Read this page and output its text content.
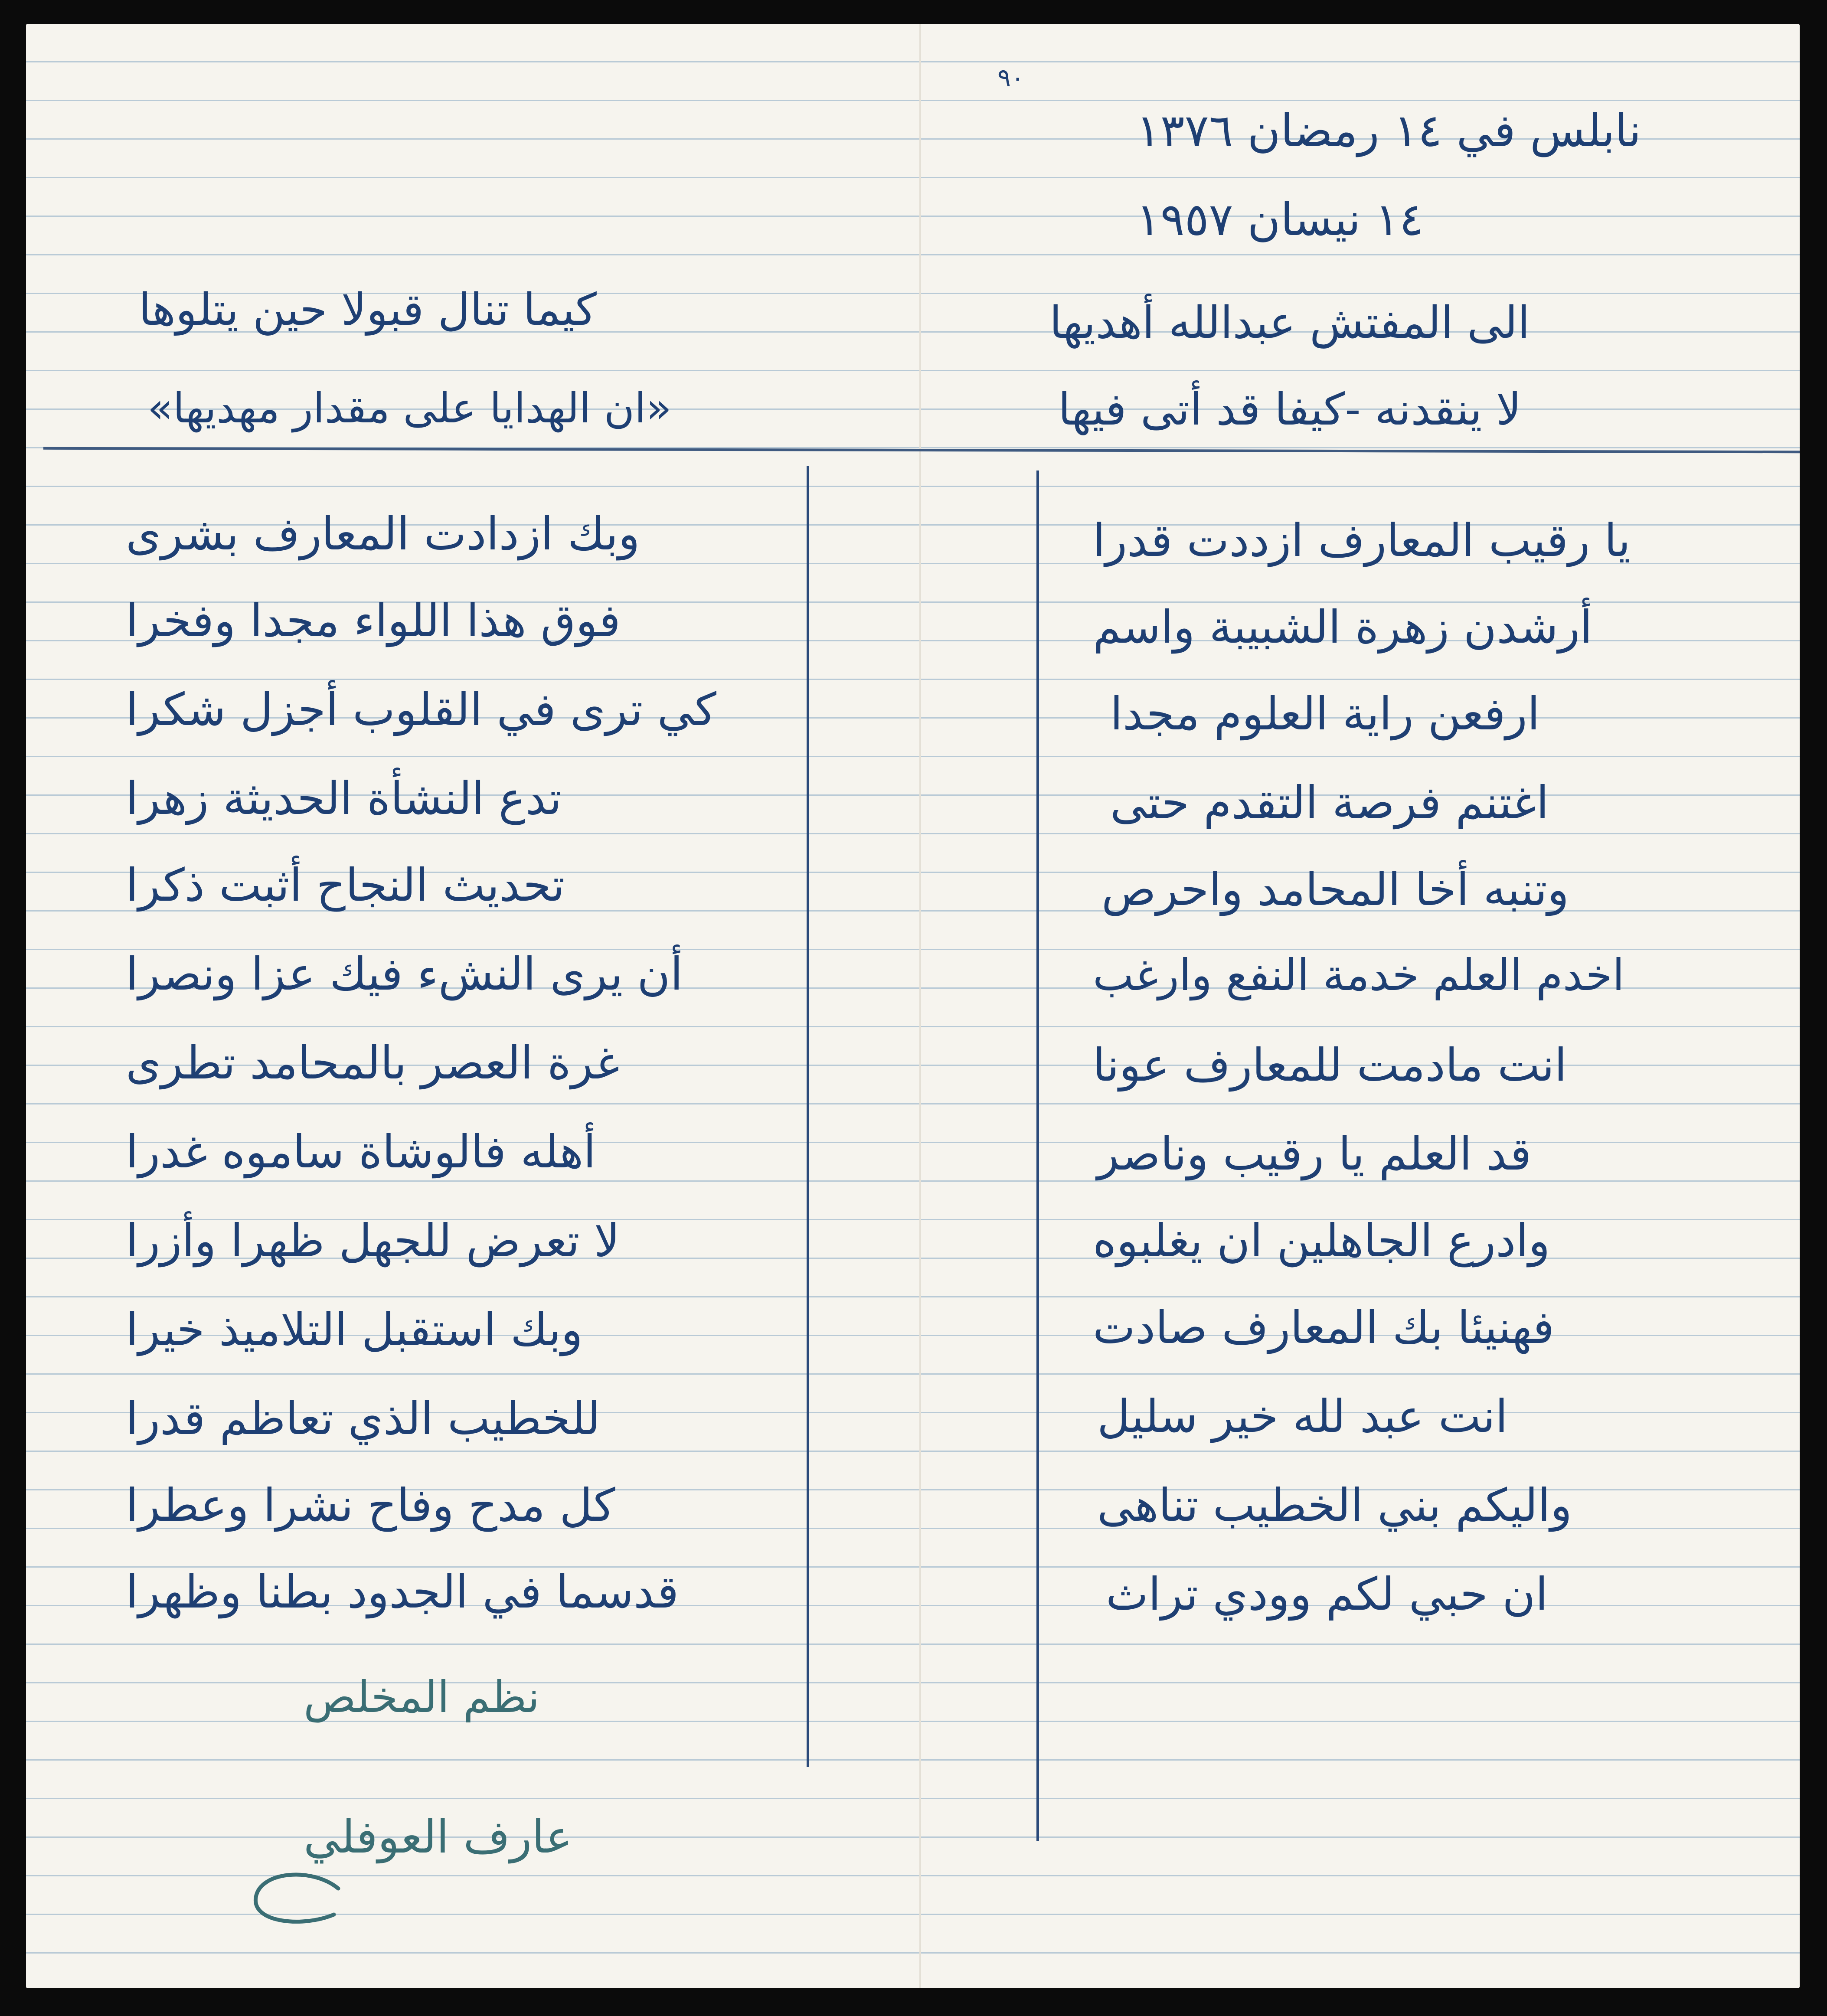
٩٠
نابلس في ١٤ رمضان ١٣٧٦
١٤ نيسان ١٩٥٧
الى المفتش عبدالله أهديها
لا ينقدنه -كيفا قد أتى فيها
كيما تنال قبولا حين يتلوها
«ان الهدايا على مقدار مهديها»
يا رقيب المعارف ازددت قدرا
أرشدن زهرة الشبيبة واسم
ارفعن راية العلوم مجدا
اغتنم فرصة التقدم حتى
وتنبه أخا المحامد واحرص
اخدم العلم خدمة النفع وارغب
انت مادمت للمعارف عونا
قد العلم يا رقيب وناصر
وادرع الجاهلين ان يغلبوه
فهنيئا بك المعارف صادت
انت عبد لله خير سليل
واليكم بني الخطيب تناهى
ان حبي لكم وودي تراث
وبك ازدادت المعارف بشرى
فوق هذا اللواء مجدا وفخرا
كي ترى في القلوب أجزل شكرا
تدع النشأة الحديثة زهرا
تحديث النجاح أثبت ذكرا
أن يرى النشء فيك عزا ونصرا
غرة العصر بالمحامد تطرى
أهله فالوشاة ساموه غدرا
لا تعرض للجهل ظهرا وأزرا
وبك استقبل التلاميذ خيرا
للخطيب الذي تعاظم قدرا
كل مدح وفاح نشرا وعطرا
قدسما في الجدود بطنا وظهرا
نظم المخلص
عارف العوفلي
